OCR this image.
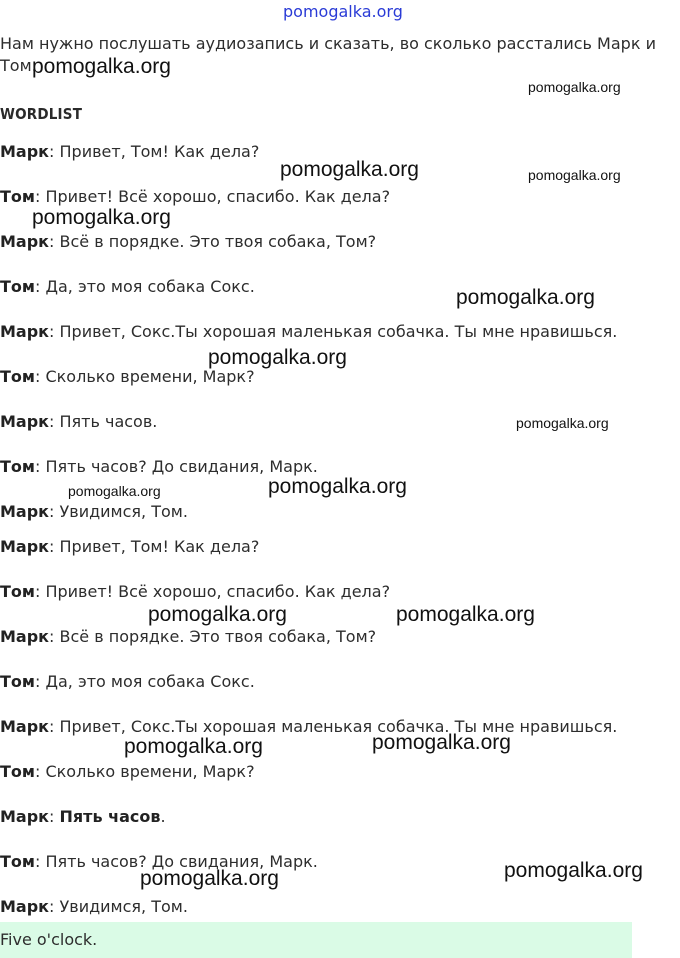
pomogalka.org
Нам нужно послушать аудиозапись и сказать, во сколько расстались Марк и Том.
WORDLIST
Марк: Привет, Том! Как дела?
Том: Привет! Всё хорошо, спасибо. Как дела?
Марк: Всё в порядке. Это твоя собака, Том?
Том: Да, это моя собака Сокс.
Марк: Привет, Сокс.Ты хорошая маленькая собачка. Ты мне нравишься.
Том: Сколько времени, Марк?
Марк: Пять часов.
Том: Пять часов? До свидания, Марк.
Марк: Увидимся, Том.
Марк: Привет, Том! Как дела?
Том: Привет! Всё хорошо, спасибо. Как дела?
Марк: Всё в порядке. Это твоя собака, Том?
Том: Да, это моя собака Сокс.
Марк: Привет, Сокс.Ты хорошая маленькая собачка. Ты мне нравишься.
Том: Сколько времени, Марк?
Марк: Пять часов.
Том: Пять часов? До свидания, Марк.
Марк: Увидимся, Том.
Five o'clock.
pomogalka.org
pomogalka.org
pomogalka.org	pomogalka.org
pomogalka.org
pomogalka.org
pomogalka.org
pomogalka.org
pomogalka.org	pomogalka.org
pomogalka.org	pomogalka.org
pomogalka.org	pomogalka.org
pomogalka.org	pomogalka.org
